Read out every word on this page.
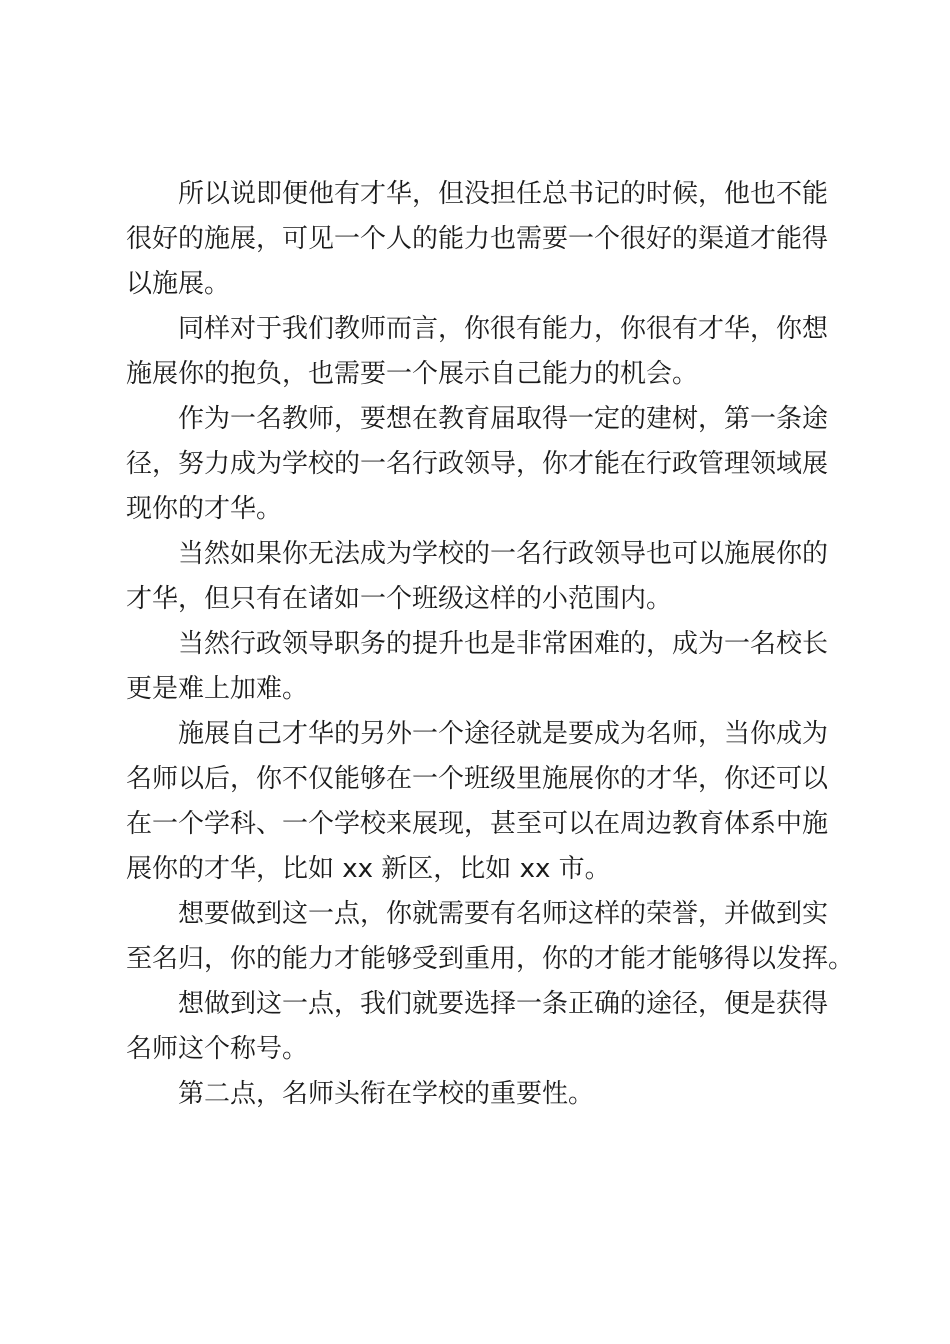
所以说即便他有才华，但没担任总书记的时候，他也不能
很好的施展，可见一个人的能力也需要一个很好的渠道才能得
以施展。
同样对于我们教师而言，你很有能力，你很有才华，你想
施展你的抱负，也需要一个展示自己能力的机会。
作为一名教师，要想在教育届取得一定的建树，第一条途
径，努力成为学校的一名行政领导，你才能在行政管理领域展
现你的才华。
当然如果你无法成为学校的一名行政领导也可以施展你的
才华，但只有在诸如一个班级这样的小范围内。
当然行政领导职务的提升也是非常困难的，成为一名校长
更是难上加难。
施展自己才华的另外一个途径就是要成为名师，当你成为
名师以后，你不仅能够在一个班级里施展你的才华，你还可以
在一个学科、一个学校来展现，甚至可以在周边教育体系中施
展你的才华，比如 xx 新区，比如 xx 市。
想要做到这一点，你就需要有名师这样的荣誉，并做到实
至名归，你的能力才能够受到重用，你的才能才能够得以发挥。
想做到这一点，我们就要选择一条正确的途径，便是获得
名师这个称号。
第二点，名师头衔在学校的重要性。
